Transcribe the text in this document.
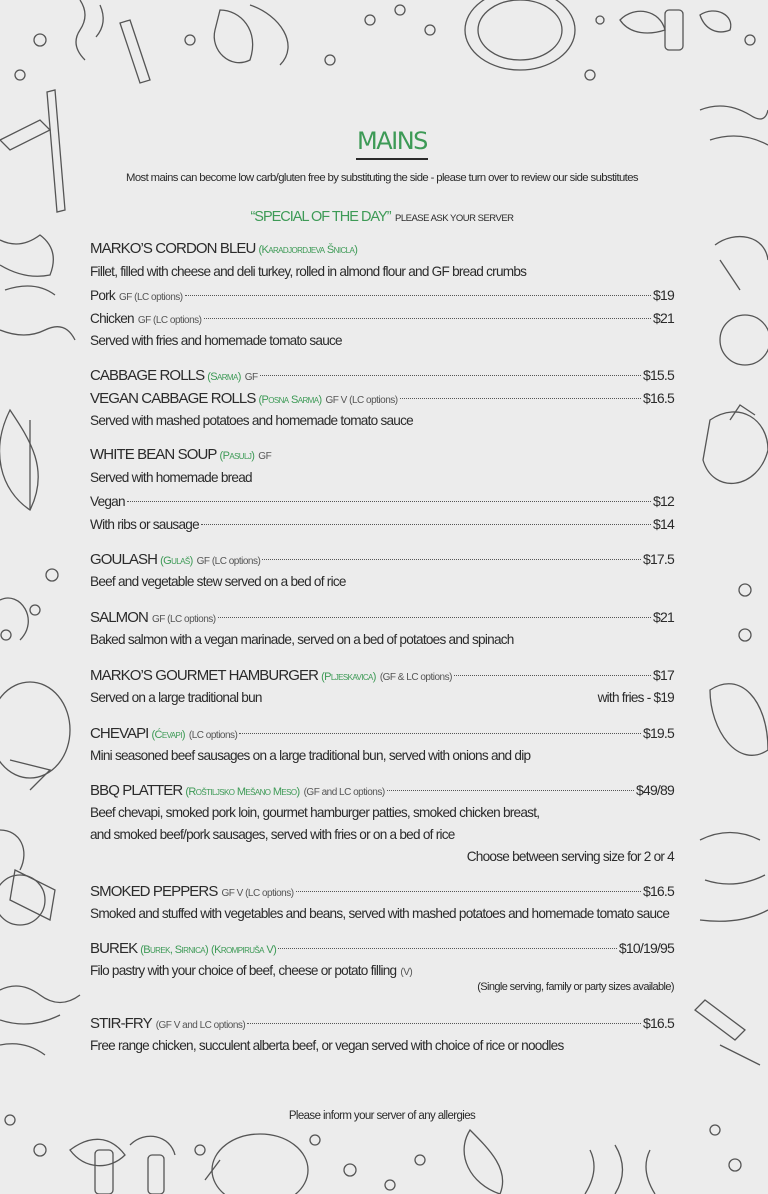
MAINS
Most mains can become low carb/gluten free by substituting the side - please turn over to review our side substitutes
“SPECIAL OF THE DAY” PLEASE ASK YOUR SERVER
MARKO’S CORDON BLEU (Karadjordjeva Šnicla)
Fillet, filled with cheese and deli turkey, rolled in almond flour and GF bread crumbs
Pork GF (LC options)	$19
Chicken GF (LC options)	$21
Served with fries and homemade tomato sauce
CABBAGE ROLLS (Sarma) GF	$15.5
VEGAN CABBAGE ROLLS (Posna Sarma) GF V (LC options)	$16.5
Served with mashed potatoes and homemade tomato sauce
WHITE BEAN SOUP (Pasulj) GF
Served with homemade bread
Vegan	$12
With ribs or sausage	$14
GOULASH (Gulaš) GF (LC options)	$17.5
Beef and vegetable stew served on a bed of rice
SALMON GF (LC options)	$21
Baked salmon with a vegan marinade, served on a bed of potatoes and spinach
MARKO’S GOURMET HAMBURGER (Pljeskavica) (GF & LC options)	$17
Served on a large traditional bun	with fries - $19
CHEVAPI (Ćevapi) (LC options)	$19.5
Mini seasoned beef sausages on a large traditional bun, served with onions and dip
BBQ PLATTER (Roštiljsko Mešano Meso) (GF and LC options)	$49/89
Beef chevapi, smoked pork loin, gourmet hamburger patties, smoked chicken breast,
and smoked beef/pork sausages, served with fries or on a bed of rice
Choose between serving size for 2 or 4
SMOKED PEPPERS GF V (LC options)	$16.5
Smoked and stuffed with vegetables and beans, served with mashed potatoes and homemade tomato sauce
BUREK (Burek, Sirnica) (Krompiruša V)	$10/19/95
Filo pastry with your choice of beef, cheese or potato filling (V)
(Single serving, family or party sizes available)
STIR-FRY (GF V and LC options)	$16.5
Free range chicken, succulent alberta beef, or vegan served with choice of rice or noodles
Please inform your server of any allergies
